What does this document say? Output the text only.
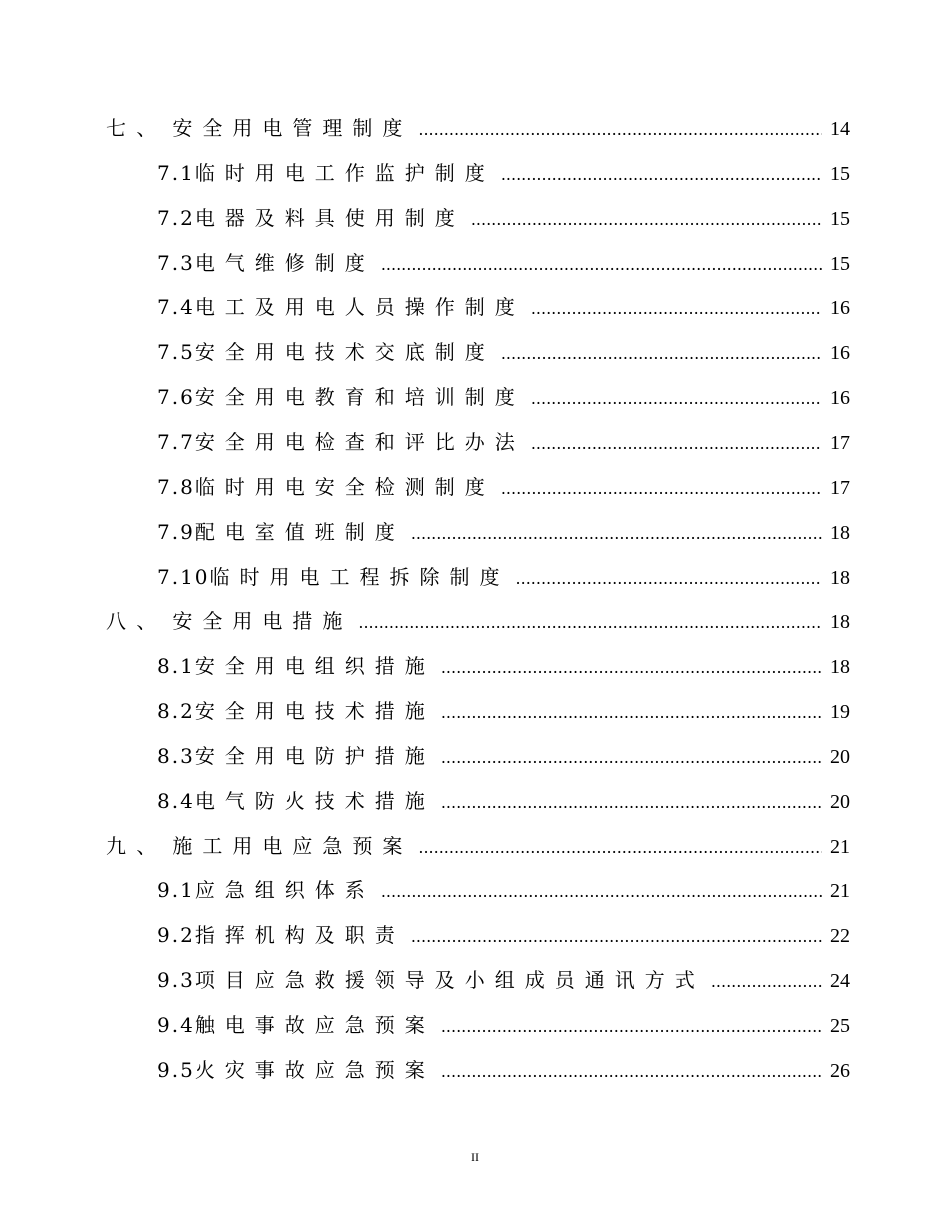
七 、 安全用电管理制度 .....	14
7.1临时用电工作监护制度 .....	15
7.2电器及料具使用制度 .....	15
7.3电气维修制度 .....	15
7.4电工及用电人员操作制度 .....	16
7.5安全用电技术交底制度 .....	16
7.6安全用电教育和培训制度 .....	16
7.7安全用电检查和评比办法 .....	17
7.8临时用电安全检测制度 .....	17
7.9配电室值班制度 .....	18
7.10临时用电工程拆除制度 .....	18
八 、 安全用电措施 .....	18
8.1安全用电组织措施 .....	18
8.2安全用电技术措施 .....	19
8.3安全用电防护措施 .....	20
8.4电气防火技术措施 .....	20
九 、 施工用电应急预案 .....	21
9.1应急组织体系 .....	21
9.2指挥机构及职责 .....	22
9.3项目应急救援领导及小组成员通讯方式 .....	24
9.4触电事故应急预案 .....	25
9.5火灾事故应急预案 .....	26
II
